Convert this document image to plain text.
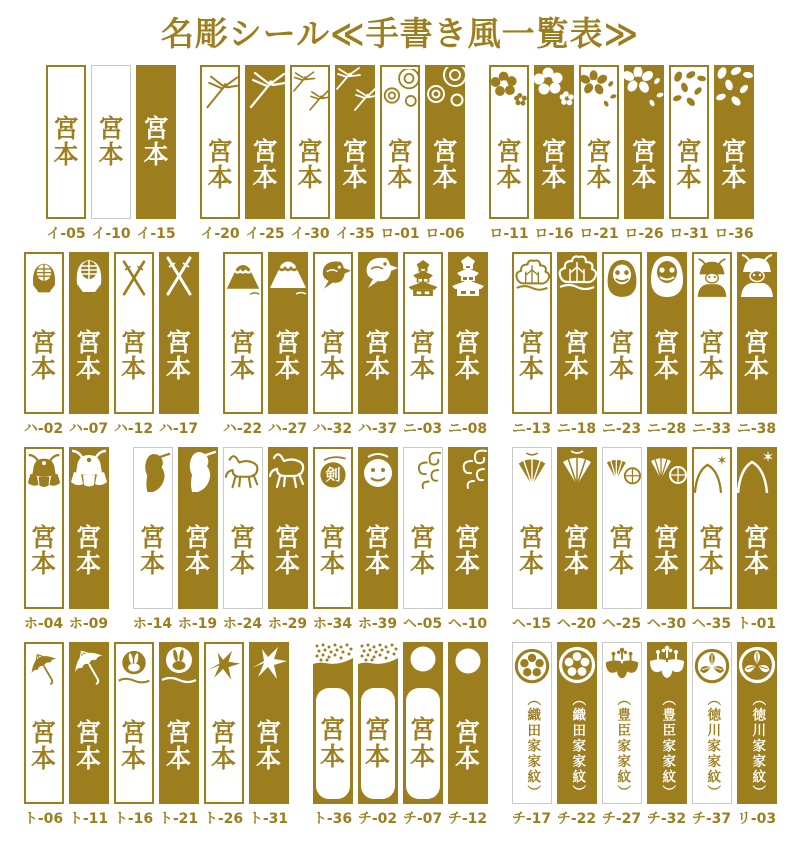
名彫シール≪手書き風一覧表≫
宮本
イ-05
宮本
イ-10
宮本
イ-15
宮本
イ-20
宮本
イ-25
宮本
イ-30
宮本
イ-35
宮本
ロ-01
宮本
ロ-06
宮本
ロ-11
宮本
ロ-16
宮本
ロ-21
宮本
ロ-26
宮本
ロ-31
宮本
ロ-36
宮本
ハ-02
宮本
ハ-07
宮本
ハ-12
宮本
ハ-17
宮本
ハ-22
宮本
ハ-27
宮本
ハ-32
宮本
ハ-37
宮本
ニ-03
宮本
ニ-08
宮本
ニ-13
宮本
ニ-18
宮本
ニ-23
宮本
ニ-28
宮本
ニ-33
宮本
ニ-38
宮本
ホ-04
宮本
ホ-09
宮本
ホ-14
宮本
ホ-19
宮本
ホ-24
宮本
ホ-29
宮本
ホ-34
宮本
ホ-39
宮本
ヘ-05
宮本
ヘ-10
宮本
ヘ-15
宮本
ヘ-20
宮本
ヘ-25
宮本
ヘ-30
宮本
ヘ-35
宮本
ト-01
宮本
ト-06
宮本
ト-11
宮本
ト-16
宮本
ト-21
宮本
ト-26
宮本
ト-31
宮本
ト-36
宮本
チ-02
宮本
チ-07
宮本
チ-12
（織田家家紋）
チ-17
（織田家家紋）
チ-22
（豊臣家家紋）
チ-27
（豊臣家家紋）
チ-32
（徳川家家紋）
チ-37
（徳川家家紋）
リ-03
